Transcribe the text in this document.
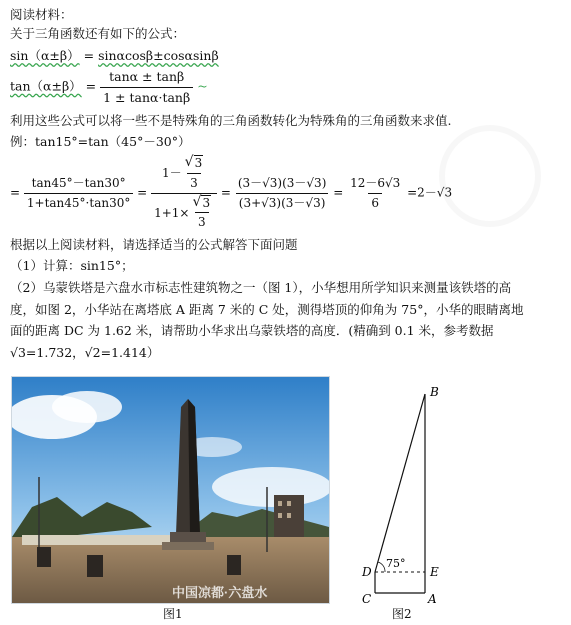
阅读材料：
关于三角函数还有如下的公式：
sin（α±β） = sinαcosβ±cosαsinβ
$\tan(\alpha\pm\beta) = \frac{\tan\alpha \pm \tan\beta}{1 \pm \tan\alpha\cdot\tan\beta}$ ~
利用这些公式可以将一些不是特殊角的三角函数转化为特殊角的三角函数来求值.
例：tan15°=tan（45°－30°）
= $\frac{\tan 45^\circ-\tan 30^\circ}{1+\tan 45^\circ\cdot\tan 30^\circ} = 1-$
√ $\frac{3}{3}$
1+1×
√ $\frac{3}{3} = \frac{(3-√3)(3-√3)}{(3+√3)(3-√3)} = \frac{12-6√3}{6} =2-√3$
根据以上阅读材料，请选择适当的公式解答下面问题
（1）计算：sin15°；
（2）乌蒙铁塔是六盘水市标志性建筑物之一（图 1），小华想用所学知识来测量该铁塔的高
度，如图 2，小华站在离塔底 A 距离 7 米的 C 处，测得塔顶的仰角为 75°，小华的眼睛离地
面的距离 DC 为 1.62 米，请帮助小华求出乌蒙铁塔的高度．(精确到 0.1 米，参考数据
√3=1.732，√2=1.414）
中国凉都·六盘水
图1
B
D	E
C	A
75°
图2
